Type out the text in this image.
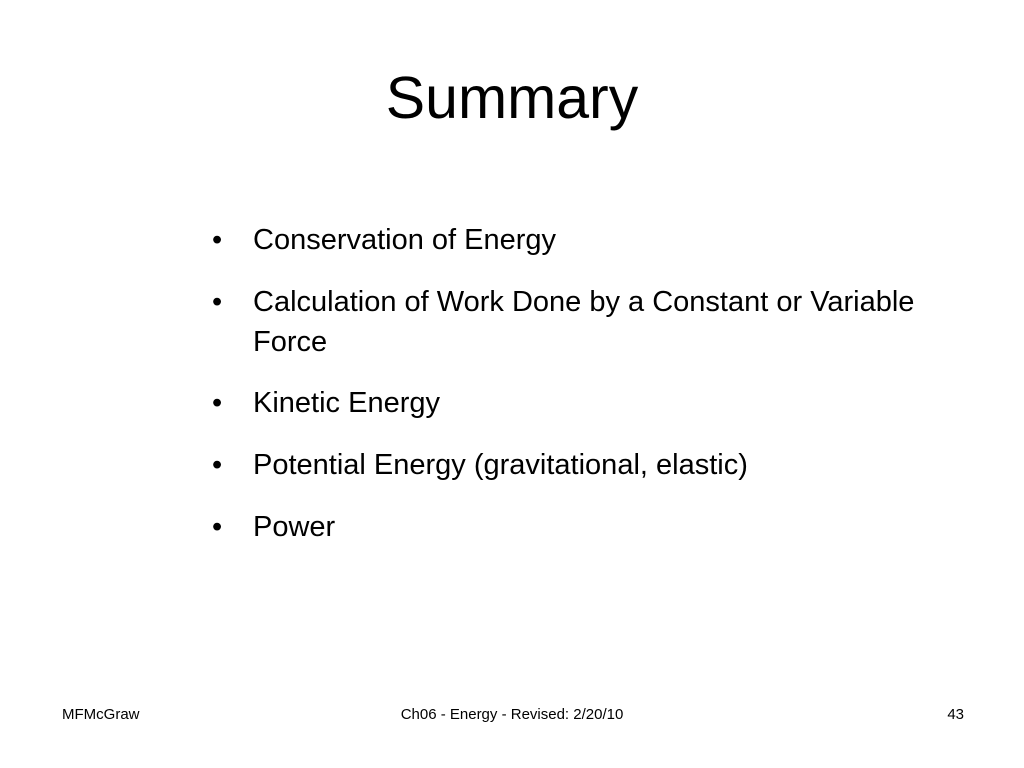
Summary
• Conservation of Energy
• Calculation of Work Done by a Constant or Variable Force
• Kinetic Energy
• Potential Energy (gravitational, elastic)
• Power
MFMcGraw	Ch06 - Energy - Revised: 2/20/10	43
